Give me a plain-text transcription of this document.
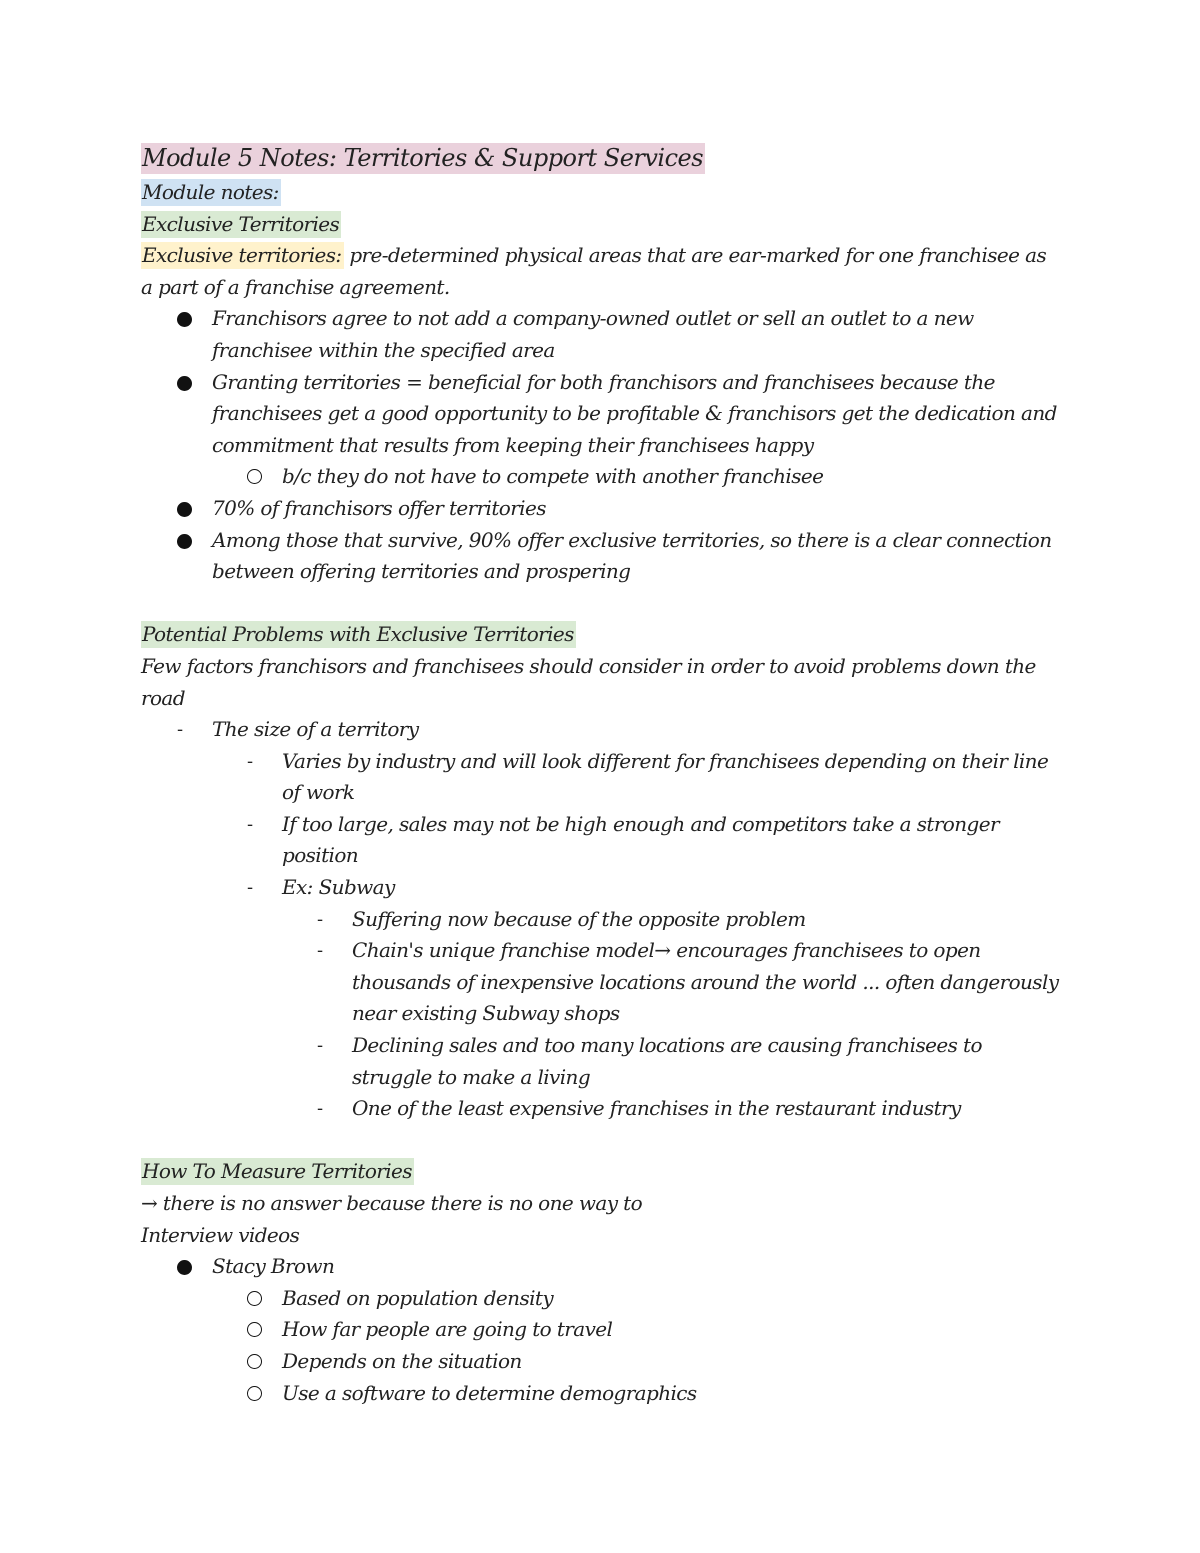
Module 5 Notes: Territories & Support Services

Module notes:

Exclusive Territories

Exclusive territories: pre-determined physical areas that are ear-marked for one franchisee as a part of a franchise agreement.

Franchisors agree to not add a company-owned outlet or sell an outlet to a new franchisee within the specified area
Granting territories = beneficial for both franchisors and franchisees because the franchisees get a good opportunity to be profitable & franchisors get the dedication and commitment that results from keeping their franchisees happy
b/c they do not have to compete with another franchisee
70% of franchisors offer territories
Among those that survive, 90% offer exclusive territories, so there is a clear connection between offering territories and prospering

Potential Problems with Exclusive Territories

Few factors franchisors and franchisees should consider in order to avoid problems down the road

- The size of a territory
- Varies by industry and will look different for franchisees depending on their line of work
- If too large, sales may not be high enough and competitors take a stronger position
- Ex: Subway
- Suffering now because of the opposite problem
- Chain's unique franchise model→ encourages franchisees to open thousands of inexpensive locations around the world ... often dangerously near existing Subway shops
- Declining sales and too many locations are causing franchisees to struggle to make a living
- One of the least expensive franchises in the restaurant industry

How To Measure Territories

→ there is no answer because there is no one way to

Interview videos

Stacy Brown
Based on population density
How far people are going to travel
Depends on the situation
Use a software to determine demographics
